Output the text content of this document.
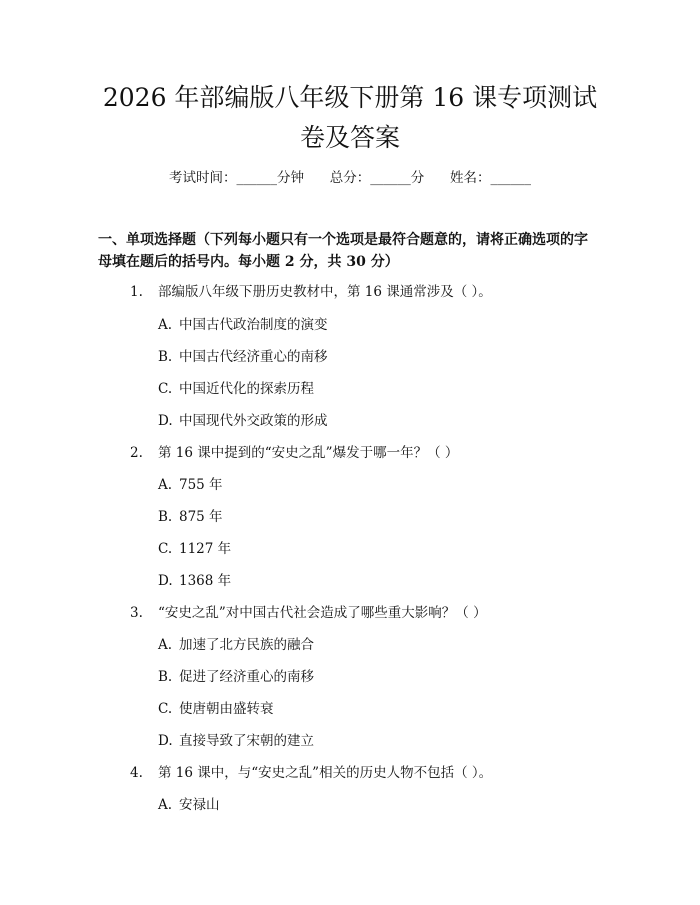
2026 年部编版八年级下册第 16 课专项测试卷及答案
考试时间：______分钟 总分：______分 姓名：______

一、单项选择题（下列每小题只有一个选项是最符合题意的，请将正确选项的字母填在题后的括号内。每小题 2 分，共 30 分）

1. 部编版八年级下册历史教材中，第 16 课通常涉及（ ）。
A. 中国古代政治制度的演变
B. 中国古代经济重心的南移
C. 中国近代化的探索历程
D. 中国现代外交政策的形成
2. 第 16 课中提到的“安史之乱”爆发于哪一年？（ ）
A. 755 年
B. 875 年
C. 1127 年
D. 1368 年
3. “安史之乱”对中国古代社会造成了哪些重大影响？（ ）
A. 加速了北方民族的融合
B. 促进了经济重心的南移
C. 使唐朝由盛转衰
D. 直接导致了宋朝的建立
4. 第 16 课中，与“安史之乱”相关的历史人物不包括（ ）。
A. 安禄山
